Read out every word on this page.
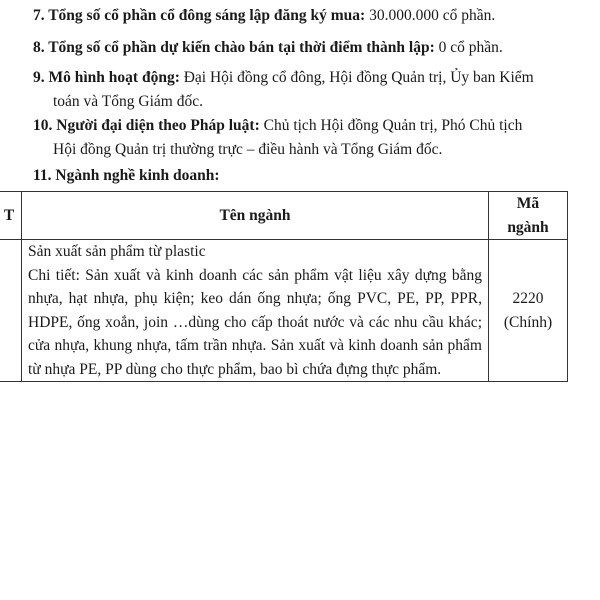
7. Tổng số cổ phần cổ đông sáng lập đăng ký mua: 30.000.000 cổ phần.
8. Tổng số cổ phần dự kiến chào bán tại thời điểm thành lập: 0 cổ phần.
9. Mô hình hoạt động: Đại Hội đồng cổ đông, Hội đồng Quản trị, Ủy ban Kiểm
toán và Tổng Giám đốc.
10. Người đại diện theo Pháp luật: Chủ tịch Hội đồng Quản trị, Phó Chủ tịch
Hội đồng Quản trị thường trực – điều hành và Tổng Giám đốc.
11. Ngành nghề kinh doanh:
T	Tên ngành	Mã ngành

	Sản xuất sản phẩm từ plastic
Chi tiết: Sản xuất và kinh doanh các sản phẩm vật liệu xây dựng bằng nhựa, hạt nhựa, phụ kiện; keo dán ống nhựa; ống PVC, PE, PP, PPR, HDPE, ống xoắn, join …dùng cho cấp thoát nước và các nhu cầu khác; cửa nhựa, khung nhựa, tấm trần nhựa. Sản xuất và kinh doanh sản phẩm từ nhựa PE, PP dùng cho thực phẩm, bao bì chứa đựng thực phẩm.	2220
(Chính)
